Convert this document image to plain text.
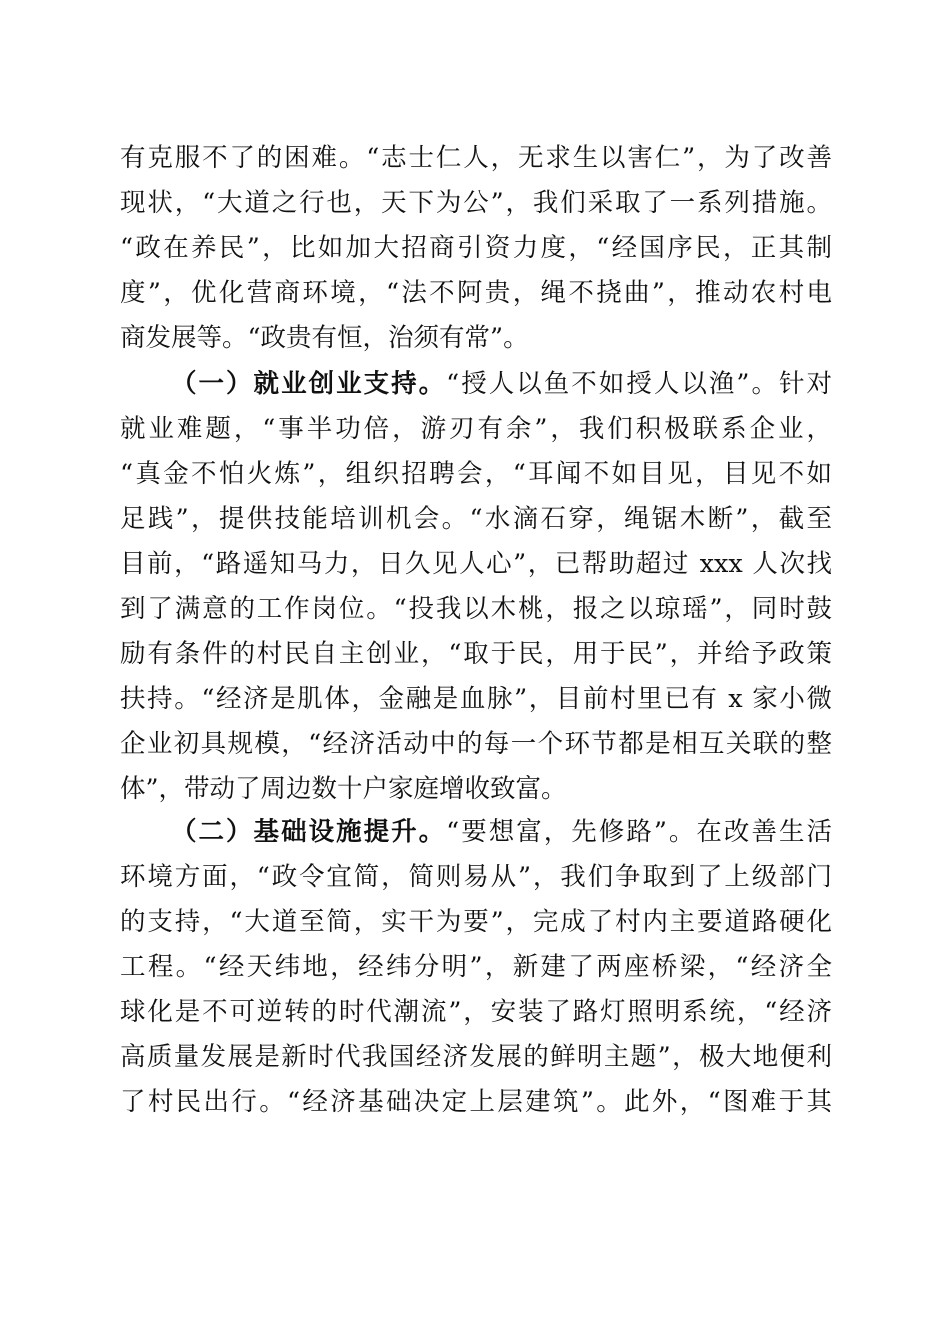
有克服不了的困难。“志士仁人，无求生以害仁”，为了改善
现状，“大道之行也，天下为公”，我们采取了一系列措施。
“政在养民”，比如加大招商引资力度，“经国序民，正其制
度”，优化营商环境，“法不阿贵，绳不挠曲”，推动农村电
商发展等。“政贵有恒，治须有常”。
（一）就业创业支持。“授人以鱼不如授人以渔”。针对
就业难题，“事半功倍，游刃有余”，我们积极联系企业，
“真金不怕火炼”，组织招聘会，“耳闻不如目见，目见不如
足践”，提供技能培训机会。“水滴石穿，绳锯木断”，截至
目前，“路遥知马力，日久见人心”，已帮助超过 xxx 人次找
到了满意的工作岗位。“投我以木桃，报之以琼瑶”，同时鼓
励有条件的村民自主创业，“取于民，用于民”，并给予政策
扶持。“经济是肌体，金融是血脉”，目前村里已有 x 家小微
企业初具规模，“经济活动中的每一个环节都是相互关联的整
体”，带动了周边数十户家庭增收致富。
（二）基础设施提升。“要想富，先修路”。在改善生活
环境方面，“政令宜简，简则易从”，我们争取到了上级部门
的支持，“大道至简，实干为要”，完成了村内主要道路硬化
工程。“经天纬地，经纬分明”，新建了两座桥梁，“经济全
球化是不可逆转的时代潮流”，安装了路灯照明系统，“经济
高质量发展是新时代我国经济发展的鲜明主题”，极大地便利
了村民出行。“经济基础决定上层建筑”。此外，“图难于其
